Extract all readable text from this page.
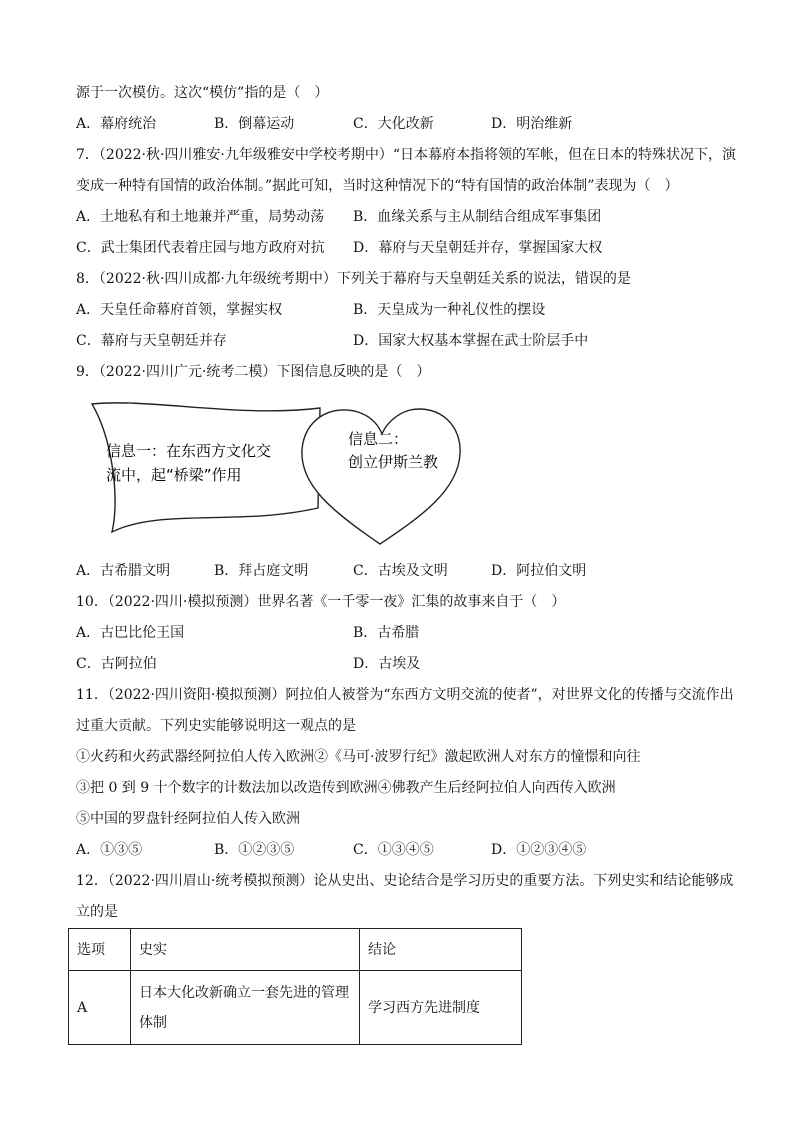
源于一次模仿。这次“模仿”指的是（　）
A．幕府统治	B．倒幕运动	C．大化改新	D．明治维新
7．（2022·秋·四川雅安·九年级雅安中学校考期中）“日本幕府本指将领的军帐，但在日本的特殊状况下，演
变成一种特有国情的政治体制。”据此可知，当时这种情况下的“特有国情的政治体制”表现为（　）
A．土地私有和土地兼并严重，局势动荡 B．血缘关系与主从制结合组成军事集团
C．武士集团代表着庄园与地方政府对抗 D．幕府与天皇朝廷并存，掌握国家大权
8．（2022·秋·四川成都·九年级统考期中）下列关于幕府与天皇朝廷关系的说法，错误的是
A．天皇任命幕府首领，掌握实权	B．天皇成为一种礼仪性的摆设
C．幕府与天皇朝廷并存	D．国家大权基本掌握在武士阶层手中
9．（2022·四川广元·统考二模）下图信息反映的是（　）
信息一：在东西方文化交
流中，起“桥梁”作用
信息二：
创立伊斯兰教
A．古希腊文明	B．拜占庭文明	C．古埃及文明	D．阿拉伯文明
10．（2022·四川·模拟预测）世界名著《一千零一夜》汇集的故事来自于（　）
A．古巴比伦王国	B．古希腊
C．古阿拉伯	D．古埃及
11．（2022·四川资阳·模拟预测）阿拉伯人被誉为“东西方文明交流的使者”，对世界文化的传播与交流作出
过重大贡献。下列史实能够说明这一观点的是
①火药和火药武器经阿拉伯人传入欧洲②《马可·波罗行纪》激起欧洲人对东方的憧憬和向往
③把 0 到 9 十个数字的计数法加以改造传到欧洲④佛教产生后经阿拉伯人向西传入欧洲
⑤中国的罗盘针经阿拉伯人传入欧洲
A．①③⑤	B．①②③⑤	C．①③④⑤	D．①②③④⑤
12．（2022·四川眉山·统考模拟预测）论从史出、史论结合是学习历史的重要方法。下列史实和结论能够成
立的是
选项	史实	结论
A	日本大化改新确立一套先进的管理
体制	学习西方先进制度
